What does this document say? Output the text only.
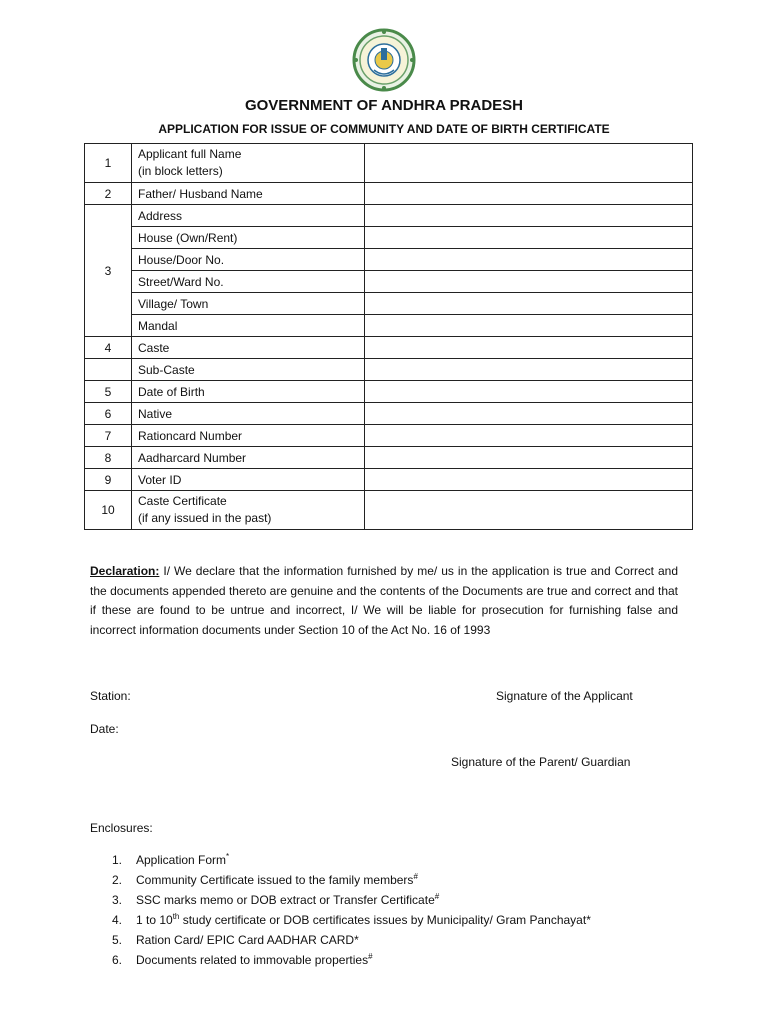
GOVERNMENT OF ANDHRA PRADESH
APPLICATION FOR ISSUE OF COMMUNITY AND DATE OF BIRTH CERTIFICATE
1	Applicant full Name
(in block letters)	

2	Father/ Husband Name	
3	Address	
	House (Own/Rent)	
	House/Door No.	
	Street/Ward No.	
	Village/ Town	
	Mandal	
4	Caste	
	Sub-Caste	
5	Date of Birth	
6	Native	
7	Rationcard Number	
8	Aadharcard Number	
9	Voter ID	
10	Caste Certificate
(if any issued in the past)	

Declaration: I/ We declare that the information furnished by me/ us in the application is true and Correct and the documents appended thereto are genuine and the contents of the Documents are true and correct and that if these are found to be untrue and incorrect, I/ We will be liable for prosecution for furnishing false and incorrect information documents under Section 10 of the Act No. 16 of 1993

Station:	Signature of the Applicant

Date:

Signature of the Parent/ Guardian

Enclosures:

1.	Application Form*
2.	Community Certificate issued to the family members#
3.	SSC marks memo or DOB extract or Transfer Certificate#
4.	1 to 10th study certificate or DOB certificates issues by Municipality/ Gram Panchayat*
5.	Ration Card/ EPIC Card AADHAR CARD*
6.	Documents related to immovable properties#
